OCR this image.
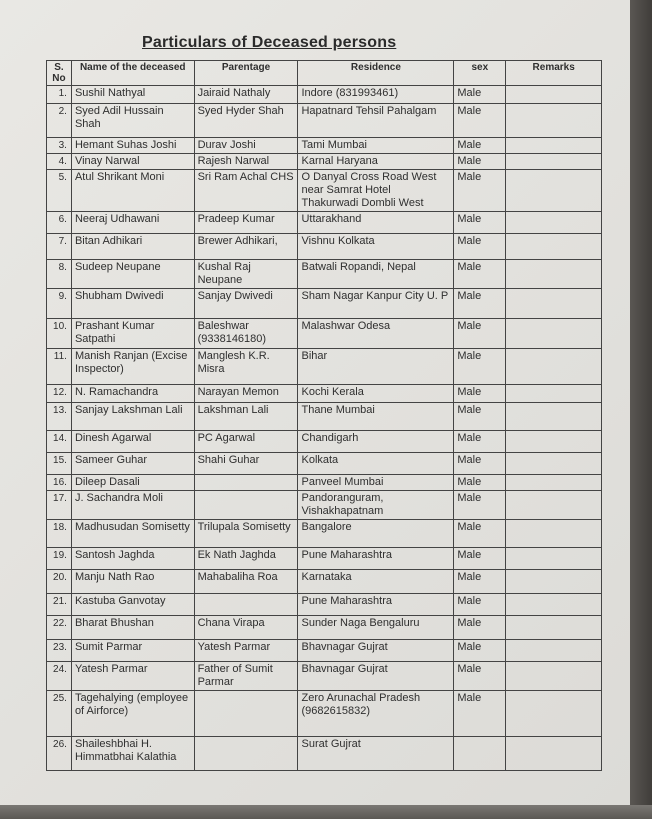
Particulars of Deceased persons
S. No	Name of the deceased	Parentage	Residence	sex	Remarks
1.	Sushil Nathyal	Jairaid Nathaly	Indore (831993461)	Male	
2.	Syed Adil Hussain Shah	Syed Hyder Shah	Hapatnard Tehsil Pahalgam	Male	
3.	Hemant Suhas Joshi	Durav Joshi	Tami Mumbai	Male	
4.	Vinay Narwal	Rajesh Narwal	Karnal Haryana	Male	
5.	Atul Shrikant Moni	Sri Ram Achal CHS	O Danyal Cross Road West near Samrat Hotel Thakurwadi Dombli West	Male	
6.	Neeraj Udhawani	Pradeep Kumar	Uttarakhand	Male	
7.	Bitan Adhikari	Brewer Adhikari,	Vishnu Kolkata	Male	
8.	Sudeep Neupane	Kushal Raj Neupane	Batwali Ropandi, Nepal	Male	
9.	Shubham Dwivedi	Sanjay Dwivedi	Sham Nagar Kanpur City U. P	Male	
10.	Prashant Kumar Satpathi	Baleshwar (9338146180)	Malashwar Odesa	Male	
11.	Manish Ranjan (Excise Inspector)	Manglesh K.R. Misra	Bihar	Male	
12.	N. Ramachandra	Narayan Memon	Kochi Kerala	Male	
13.	Sanjay Lakshman Lali	Lakshman Lali	Thane Mumbai	Male	
14.	Dinesh Agarwal	PC Agarwal	Chandigarh	Male	
15.	Sameer Guhar	Shahi Guhar	Kolkata	Male	
16.	Dileep Dasali		Panveel Mumbai	Male	
17.	J. Sachandra Moli		Pandoranguram, Vishakhapatnam	Male	
18.	Madhusudan Somisetty	Trilupala Somisetty	Bangalore	Male	
19.	Santosh Jaghda	Ek Nath Jaghda	Pune Maharashtra	Male	
20.	Manju Nath Rao	Mahabaliha Roa	Karnataka	Male	
21.	Kastuba Ganvotay		Pune Maharashtra	Male	
22.	Bharat Bhushan	Chana Virapa	Sunder Naga Bengaluru	Male	
23.	Sumit Parmar	Yatesh Parmar	Bhavnagar Gujrat	Male	
24.	Yatesh Parmar	Father of Sumit Parmar	Bhavnagar Gujrat	Male	
25.	Tagehalying (employee of Airforce)		Zero Arunachal Pradesh (9682615832)	Male	
26.	Shaileshbhai H. Himmatbhai Kalathia		Surat Gujrat		
